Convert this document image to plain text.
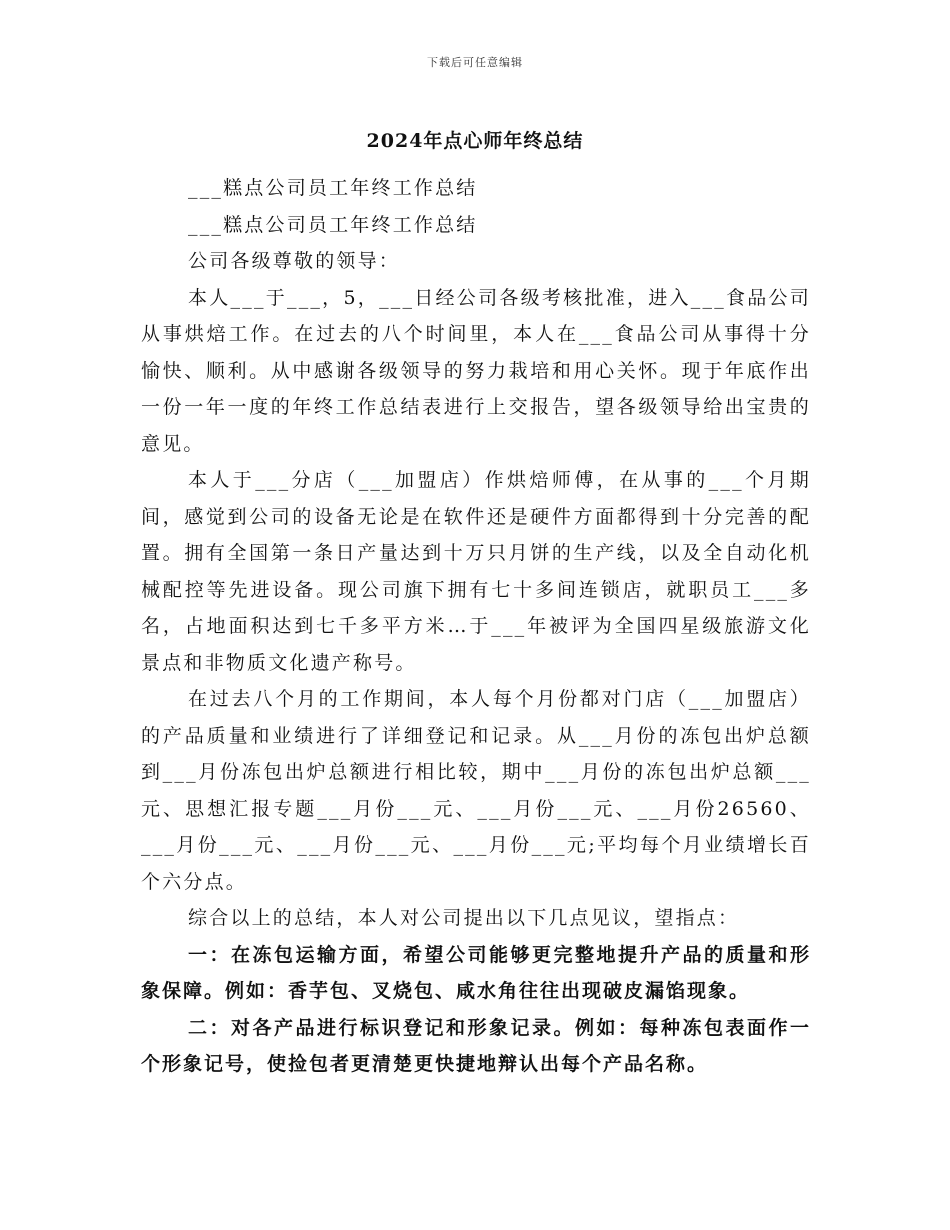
下载后可任意编辑
2024年点心师年终总结

___糕点公司员工年终工作总结

___糕点公司员工年终工作总结

公司各级尊敬的领导：

本人___于___，5，___日经公司各级考核批准，进入___食品公司从事烘焙工作。在过去的八个时间里，本人在___食品公司从事得十分愉快、顺利。从中感谢各级领导的努力栽培和用心关怀。现于年底作出一份一年一度的年终工作总结表进行上交报告，望各级领导给出宝贵的意见。

本人于___分店（___加盟店）作烘焙师傅，在从事的___个月期间，感觉到公司的设备无论是在软件还是硬件方面都得到十分完善的配置。拥有全国第一条日产量达到十万只月饼的生产线，以及全自动化机械配控等先进设备。现公司旗下拥有七十多间连锁店，就职员工___多名，占地面积达到七千多平方米…于___年被评为全国四星级旅游文化景点和非物质文化遗产称号。

在过去八个月的工作期间，本人每个月份都对门店（___加盟店）的产品质量和业绩进行了详细登记和记录。从___月份的冻包出炉总额到___月份冻包出炉总额进行相比较，期中___月份的冻包出炉总额___元、思想汇报专题___月份___元、___月份___元、___月份26560、___月份___元、___月份___元、___月份___元;平均每个月业绩增长百个六分点。

综合以上的总结，本人对公司提出以下几点见议，望指点：

一：在冻包运输方面，希望公司能够更完整地提升产品的质量和形象保障。例如：香芋包、叉烧包、咸水角往往出现破皮漏馅现象。

二：对各产品进行标识登记和形象记录。例如：每种冻包表面作一个形象记号，使捡包者更清楚更快捷地辩认出每个产品名称。
